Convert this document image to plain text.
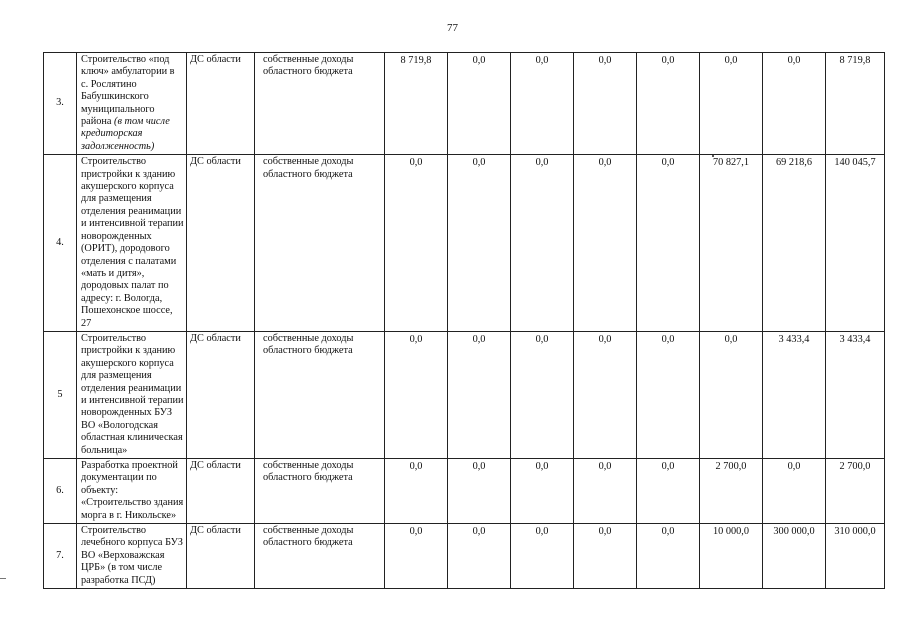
77
3.	Строительство «под ключ» амбулатории в с. Рослятино Бабушкинского муниципального района (в том числе кредиторская задолженность)	ДС области	собственные доходы областного бюджета	8 719,8	0,0	0,0	0,0	0,0	0,0	0,0	8 719,8
4.	Строительство пристройки к зданию акушерского корпуса для размещения отделения реанимации и интенсивной терапии новорожденных (ОРИТ), дородового отделения с палатами «мать и дитя», дородовых палат по адресу: г. Вологда, Пошехонское шоссе, 27	ДС области	собственные доходы областного бюджета	0,0	0,0	0,0	0,0	0,0	70 827,1	69 218,6	140 045,7
5	Строительство пристройки к зданию акушерского корпуса для размещения отделения реанимации и интенсивной терапии новорожденных БУЗ ВО «Вологодская областная клиническая больница»	ДС области	собственные доходы областного бюджета	0,0	0,0	0,0	0,0	0,0	0,0	3 433,4	3 433,4
6.	Разработка проектной документации по объекту: «Строительство здания морга в г. Никольске»	ДС области	собственные доходы областного бюджета	0,0	0,0	0,0	0,0	0,0	2 700,0	0,0	2 700,0
7.	Строительство лечебного корпуса БУЗ ВО «Верховажская ЦРБ» (в том числе разработка ПСД)	ДС области	собственные доходы областного бюджета	0,0	0,0	0,0	0,0	0,0	10 000,0	300 000,0	310 000,0
